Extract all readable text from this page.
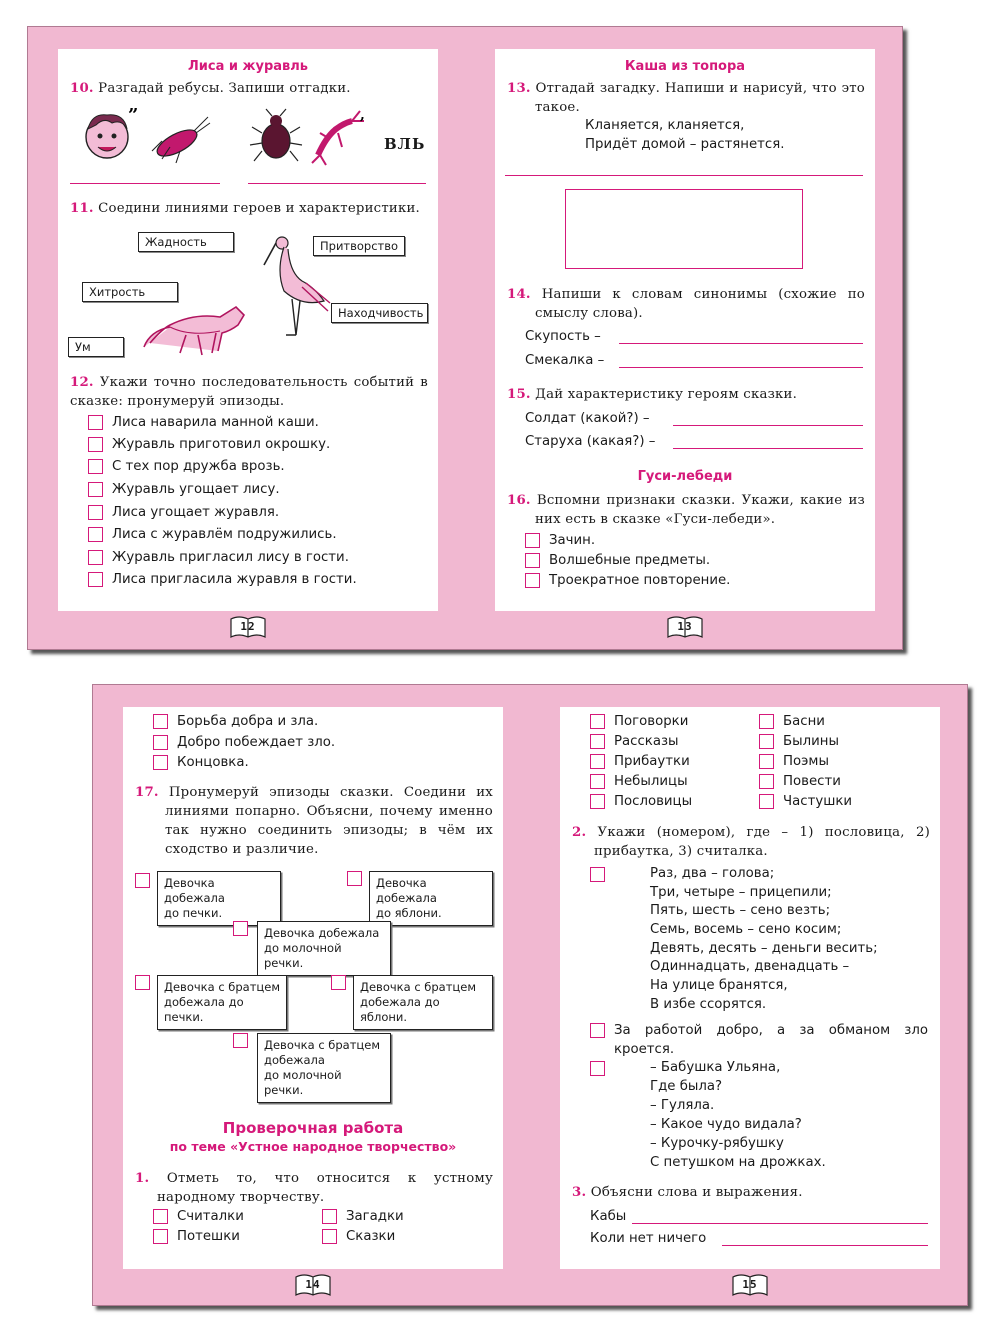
Лиса и журавль
10. Разгадай ребусы. Запиши отгадки.
”	,
ВЛЬ
11. Соедини линиями героев и характеристики.
Жадность	Притворство
Хитрость
Находчивость
Ум
12. Укажи точно последовательность событий в сказке: пронумеруй эпизоды.
Лиса наварила манной каши.
Журавль приготовил окрошку.
С тех пор дружба врозь.
Журавль угощает лису.
Лиса угощает журавля.
Лиса с журавлём подружились.
Журавль пригласил лису в гости.
Лиса пригласила журавля в гости.
12
Каша из топора
13. Отгадай загадку. Напиши и нарисуй, что это такое.
Кланяется, кланяется,
Придёт домой – растянется.
14. Напиши к словам синонимы (схожие по смыслу слова).
Скупость –
Смекалка –
15. Дай характеристику героям сказки.
Солдат (какой?) –
Старуха (какая?) –
Гуси-лебеди
16. Вспомни признаки сказки. Укажи, какие из них есть в сказке «Гуси-лебеди».
Зачин.
Волшебные предметы.
Троекратное повторение.
13
Борьба добра и зла.
Добро побеждает зло.
Концовка.
17. Пронумеруй эпизоды сказки. Соедини их линиями попарно. Объясни, почему именно так нужно соединить эпизоды; в чём их сходство и различие.
Девочка добежала
до печки.
Девочка добежала
до яблони.
Девочка добежала
до молочной речки.
Девочка с братцем
добежала до печки.
Девочка с братцем
добежала до яблони.
Девочка с братцем
добежала
до молочной речки.
Проверочная работа
по теме «Устное народное творчество»
1. Отметь то, что относится к устному народному творчеству.
Считалки
Потешки
Загадки
Сказки
14
Поговорки
Рассказы
Прибаутки
Небылицы
Пословицы
Басни
Былины
Поэмы
Повести
Частушки
2. Укажи (номером), где – 1) пословица, 2) прибаутка, 3) считалка.
Раз, два – голова;
Три, четыре – прицепили;
Пять, шесть – сено везть;
Семь, восемь – сено косим;
Девять, десять – деньги весить;
Одиннадцать, двенадцать –
На улице бранятся,
В избе ссорятся.
За работой добро, а за обманом зло
кроется.
– Бабушка Ульяна,
Где была?
– Гуляла.
– Какое чудо видала?
– Курочку-рябушку
С петушком на дрожках.
3. Объясни слова и выражения.
Кабы
Коли нет ничего
15
